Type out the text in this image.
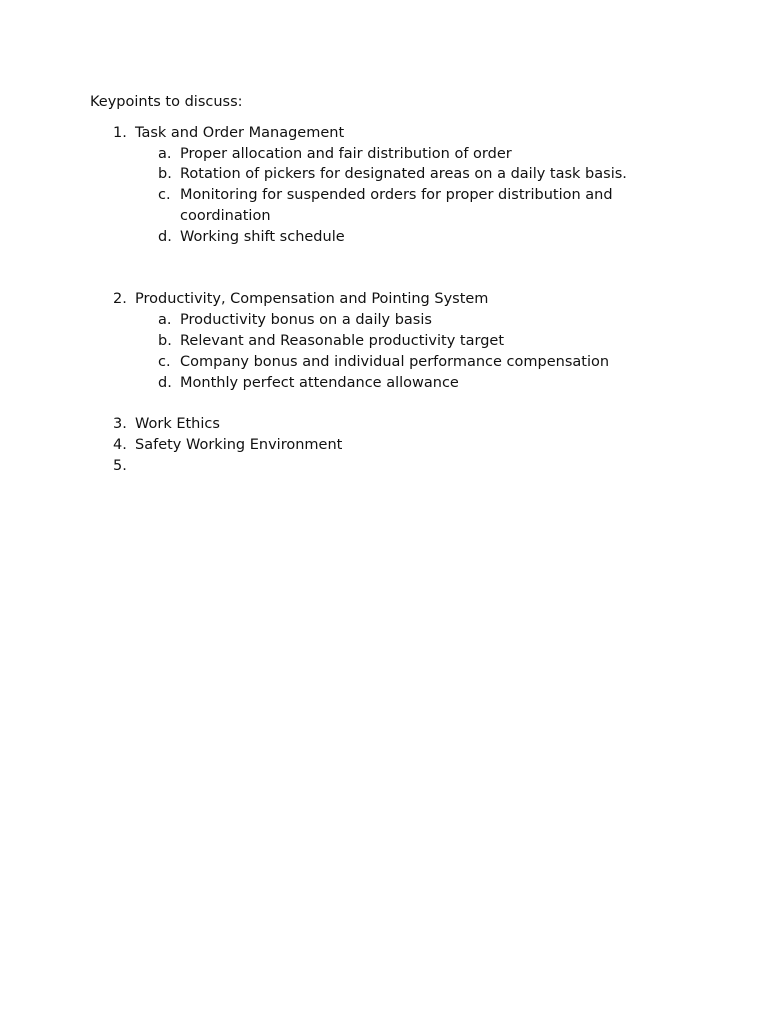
Keypoints to discuss:
1. Task and Order Management
a. Proper allocation and fair distribution of order
b. Rotation of pickers for designated areas on a daily task basis.
c. Monitoring for suspended orders for proper distribution and
coordination
d. Working shift schedule
2. Productivity, Compensation and Pointing System
a. Productivity bonus on a daily basis
b. Relevant and Reasonable productivity target
c. Company bonus and individual performance compensation
d. Monthly perfect attendance allowance
3. Work Ethics
4. Safety Working Environment
5.
